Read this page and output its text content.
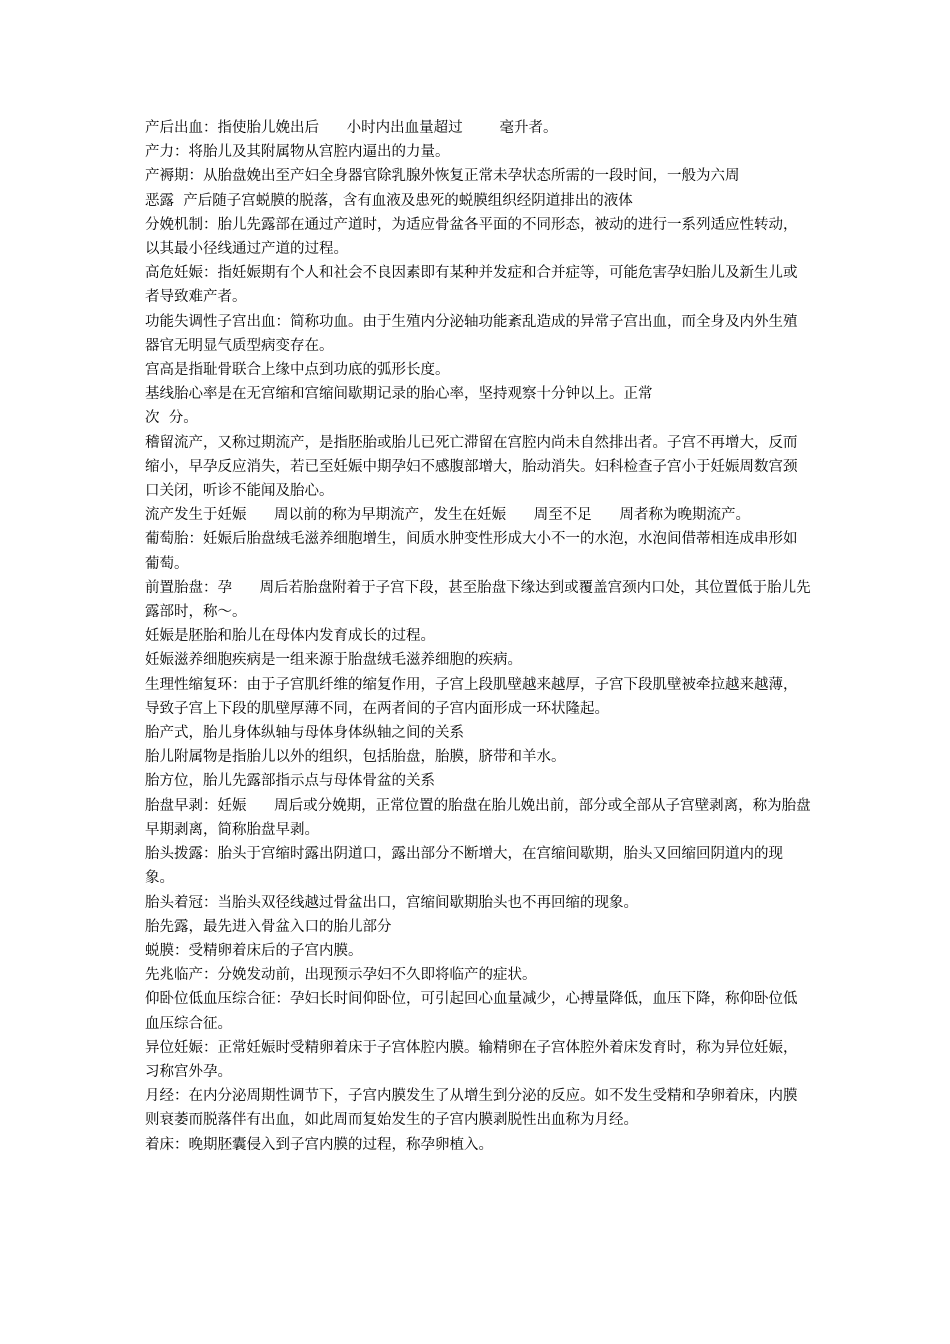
产后出血：指使胎儿娩出后      小时内出血量超过        毫升者。

产力：将胎儿及其附属物从宫腔内逼出的力量。

产褥期：从胎盘娩出至产妇全身器官除乳腺外恢复正常未孕状态所需的一段时间，一般为六周

恶露  产后随子宫蜕膜的脱落，含有血液及患死的蜕膜组织经阴道排出的液体

分娩机制：胎儿先露部在通过产道时，为适应骨盆各平面的不同形态，被动的进行一系列适应性转动，以其最小径线通过产道的过程。

高危妊娠：指妊娠期有个人和社会不良因素即有某种并发症和合并症等，可能危害孕妇胎儿及新生儿或者导致难产者。

功能失调性子宫出血：简称功血。由于生殖内分泌轴功能紊乱造成的异常子宫出血，而全身及内外生殖器官无明显气质型病变存在。

宫高是指耻骨联合上缘中点到功底的弧形长度。

基线胎心率是在无宫缩和宫缩间歇期记录的胎心率，坚持观察十分钟以上。正常
次  分。

稽留流产，又称过期流产，是指胚胎或胎儿已死亡滞留在宫腔内尚未自然排出者。子宫不再增大，反而缩小，早孕反应消失，若已至妊娠中期孕妇不感腹部增大，胎动消失。妇科检查子宫小于妊娠周数宫颈口关闭，听诊不能闻及胎心。

流产发生于妊娠      周以前的称为早期流产，发生在妊娠      周至不足      周者称为晚期流产。

葡萄胎：妊娠后胎盘绒毛滋养细胞增生，间质水肿变性形成大小不一的水泡，水泡间借蒂相连成串形如葡萄。

前置胎盘：孕      周后若胎盘附着于子宫下段，甚至胎盘下缘达到或覆盖宫颈内口处，其位置低于胎儿先露部时，称～。

妊娠是胚胎和胎儿在母体内发育成长的过程。

妊娠滋养细胞疾病是一组来源于胎盘绒毛滋养细胞的疾病。

生理性缩复环：由于子宫肌纤维的缩复作用，子宫上段肌壁越来越厚，子宫下段肌壁被牵拉越来越薄，导致子宫上下段的肌壁厚薄不同，在两者间的子宫内面形成一环状隆起。

胎产式，胎儿身体纵轴与母体身体纵轴之间的关系

胎儿附属物是指胎儿以外的组织，包括胎盘，胎膜，脐带和羊水。

胎方位，胎儿先露部指示点与母体骨盆的关系

胎盘早剥：妊娠      周后或分娩期，正常位置的胎盘在胎儿娩出前，部分或全部从子宫壁剥离，称为胎盘早期剥离，简称胎盘早剥。

胎头拨露：胎头于宫缩时露出阴道口，露出部分不断增大，在宫缩间歇期，胎头又回缩回阴道内的现象。

胎头着冠：当胎头双径线越过骨盆出口，宫缩间歇期胎头也不再回缩的现象。

胎先露，最先进入骨盆入口的胎儿部分

蜕膜：受精卵着床后的子宫内膜。

先兆临产：分娩发动前，出现预示孕妇不久即将临产的症状。

仰卧位低血压综合征：孕妇长时间仰卧位，可引起回心血量减少，心搏量降低，血压下降，称仰卧位低血压综合征。

异位妊娠：正常妊娠时受精卵着床于子宫体腔内膜。输精卵在子宫体腔外着床发育时，称为异位妊娠，习称宫外孕。

月经：在内分泌周期性调节下，子宫内膜发生了从增生到分泌的反应。如不发生受精和孕卵着床，内膜则衰萎而脱落伴有出血，如此周而复始发生的子宫内膜剥脱性出血称为月经。

着床：晚期胚囊侵入到子宫内膜的过程，称孕卵植入。
